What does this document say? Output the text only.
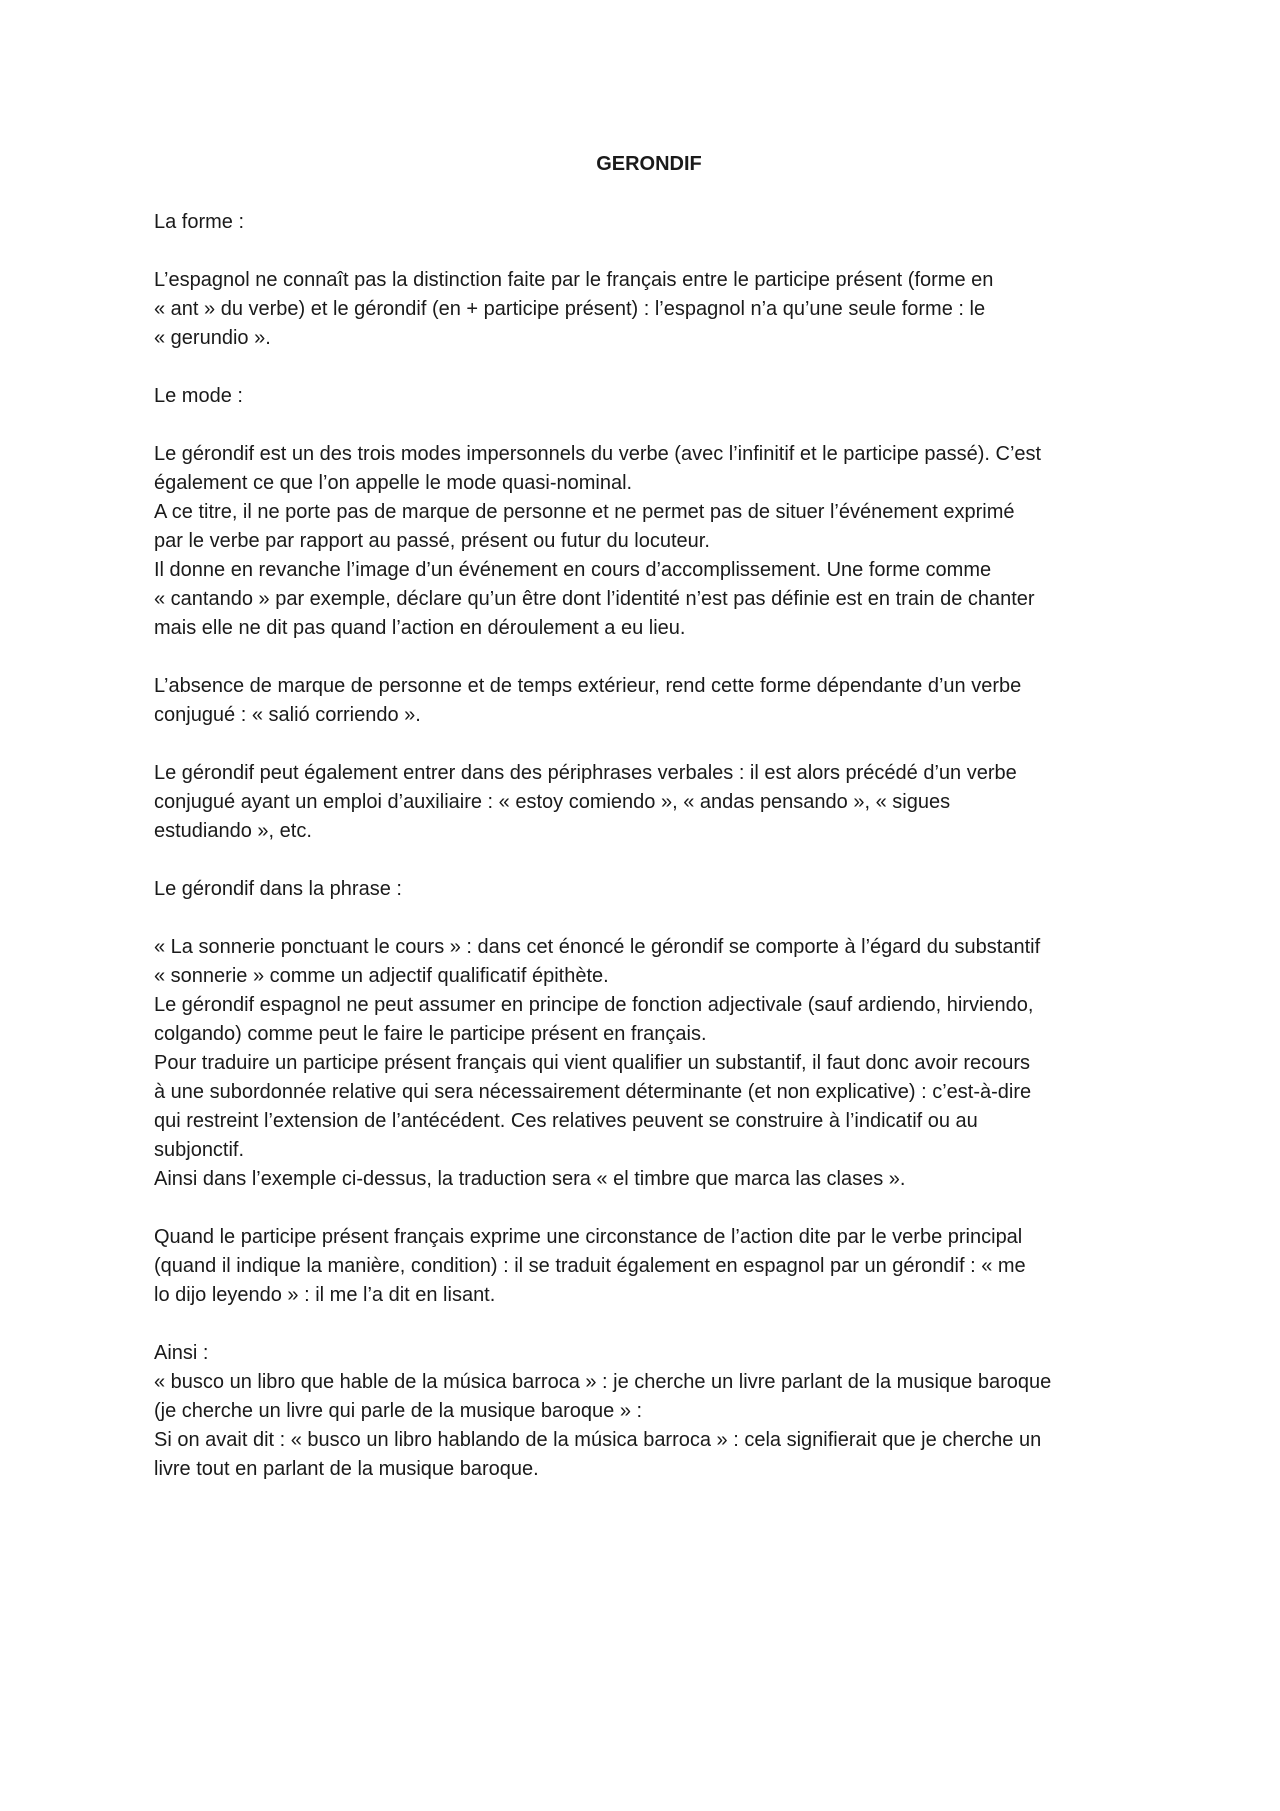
GERONDIF
La forme :
L’espagnol ne connaît pas la distinction faite par le français entre le participe présent (forme en
« ant » du verbe) et le gérondif (en + participe présent) : l’espagnol n’a qu’une seule forme : le
« gerundio ».
Le mode :
Le gérondif est un des trois modes impersonnels du verbe (avec l’infinitif et le participe passé). C’est
également ce que l’on appelle le mode quasi-nominal.
A ce titre, il ne porte pas de marque de personne et ne permet pas de situer l’événement exprimé
par le verbe par rapport au passé, présent ou futur du locuteur.
Il donne en revanche l’image d’un événement en cours d’accomplissement. Une forme comme
« cantando » par exemple, déclare qu’un être dont l’identité n’est pas définie est en train de chanter
mais elle ne dit pas quand l’action en déroulement a eu lieu.
L’absence de marque de personne et de temps extérieur, rend cette forme dépendante d’un verbe
conjugué : « salió corriendo ».
Le gérondif peut également entrer dans des périphrases verbales : il est alors précédé d’un verbe
conjugué ayant un emploi d’auxiliaire : « estoy comiendo », « andas pensando », « sigues
estudiando », etc.
Le gérondif dans la phrase :
« La sonnerie ponctuant le cours » : dans cet énoncé le gérondif se comporte à l’égard du substantif
« sonnerie » comme un adjectif qualificatif épithète.
Le gérondif espagnol ne peut assumer en principe de fonction adjectivale (sauf ardiendo, hirviendo,
colgando) comme peut le faire le participe présent en français.
Pour traduire un participe présent français qui vient qualifier un substantif, il faut donc avoir recours
à une subordonnée relative qui sera nécessairement déterminante (et non explicative) : c’est-à-dire
qui restreint l’extension de l’antécédent. Ces relatives peuvent se construire à l’indicatif ou au
subjonctif.
Ainsi dans l’exemple ci-dessus, la traduction sera « el timbre que marca las clases ».
Quand le participe présent français exprime une circonstance de l’action dite par le verbe principal
(quand il indique la manière, condition) : il se traduit également en espagnol par un gérondif : « me
lo dijo leyendo » : il me l’a dit en lisant.
Ainsi :
« busco un libro que hable de la música barroca » : je cherche un livre parlant de la musique baroque
(je cherche un livre qui parle de la musique baroque » :
Si on avait dit : « busco un libro hablando de la música barroca » : cela signifierait que je cherche un
livre tout en parlant de la musique baroque.
